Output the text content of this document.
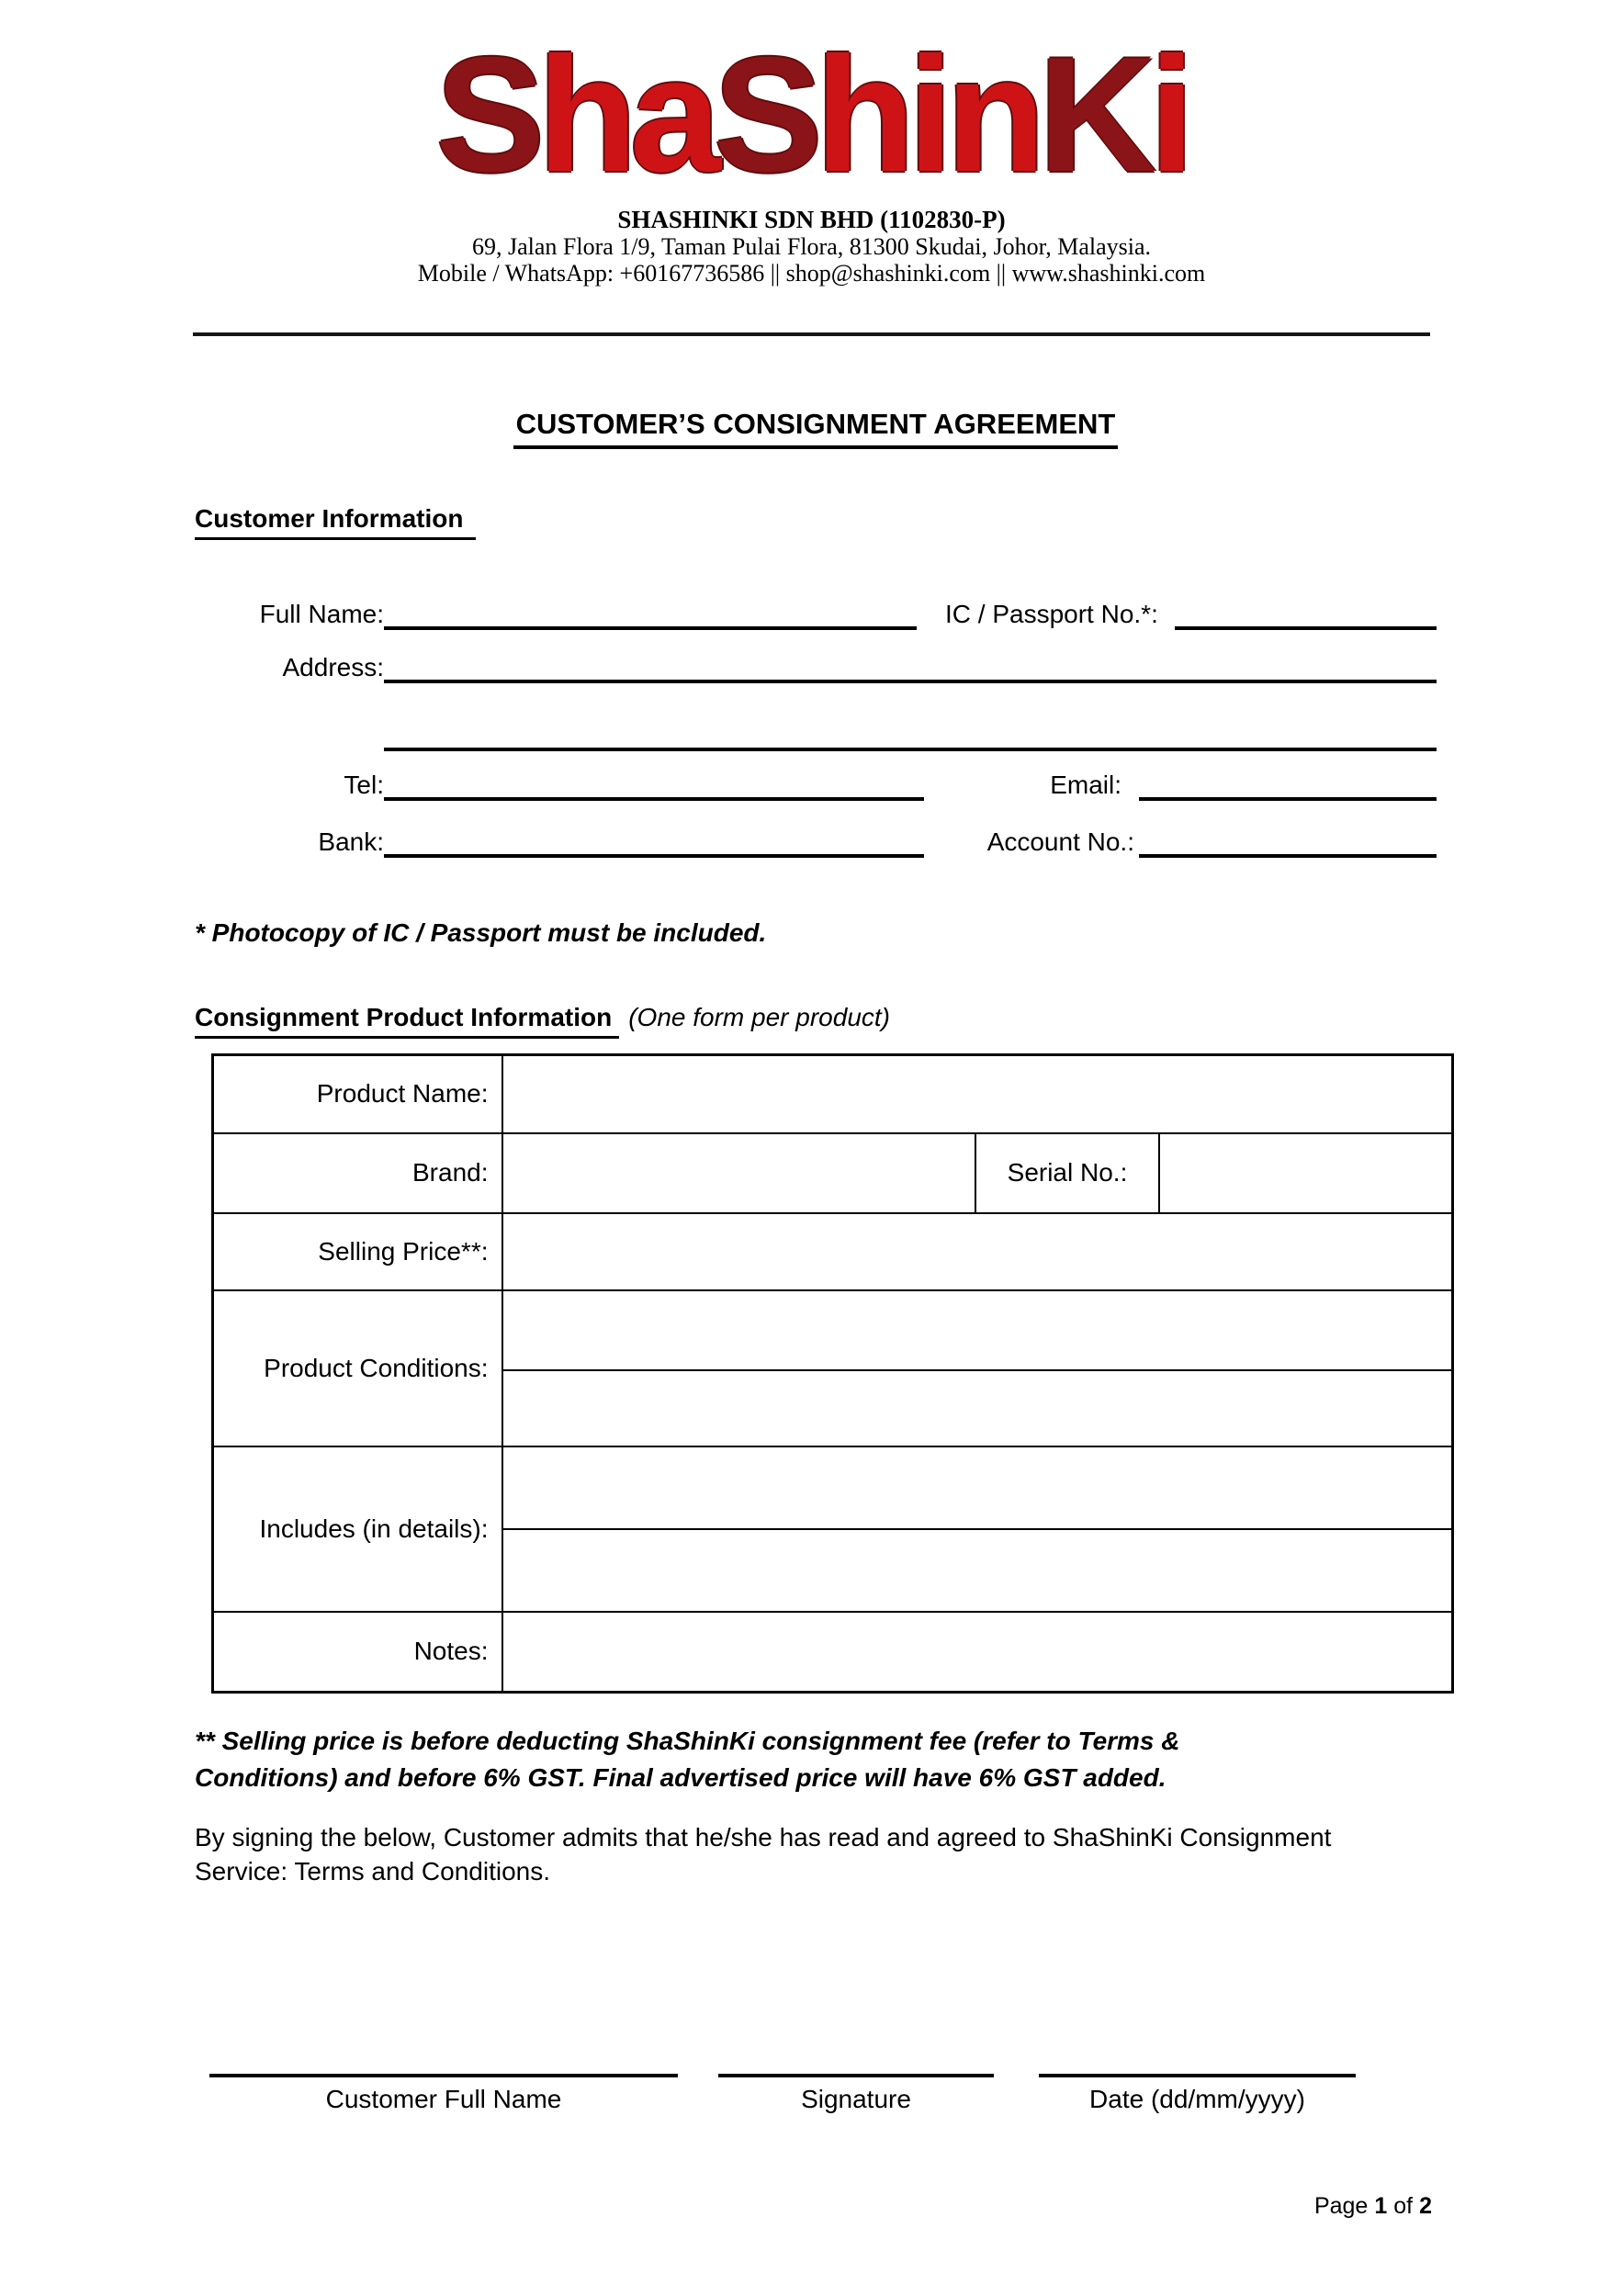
ShaShinKi
SHASHINKI SDN BHD (1102830-P)
69, Jalan Flora 1/9, Taman Pulai Flora, 81300 Skudai, Johor, Malaysia.
Mobile / WhatsApp: +60167736586 || shop@shashinki.com || www.shashinki.com
CUSTOMER’S CONSIGNMENT AGREEMENT
Customer Information
Full Name:	IC / Passport No.*:
Address:
Tel:	Email:
Bank:	Account No.:
* Photocopy of IC / Passport must be included.
Consignment Product Information (One form per product)
Product Name:			
Brand:		Serial No.:	
Selling Price**:			
Product Conditions:			

Includes (in details):			

Notes:			
** Selling price is before deducting ShaShinKi consignment fee (refer to Terms & Conditions) and before 6% GST. Final advertised price will have 6% GST added.
By signing the below, Customer admits that he/she has read and agreed to ShaShinKi Consignment Service: Terms and Conditions.
Customer Full Name	Signature	Date (dd/mm/yyyy)
Page 1 of 2
